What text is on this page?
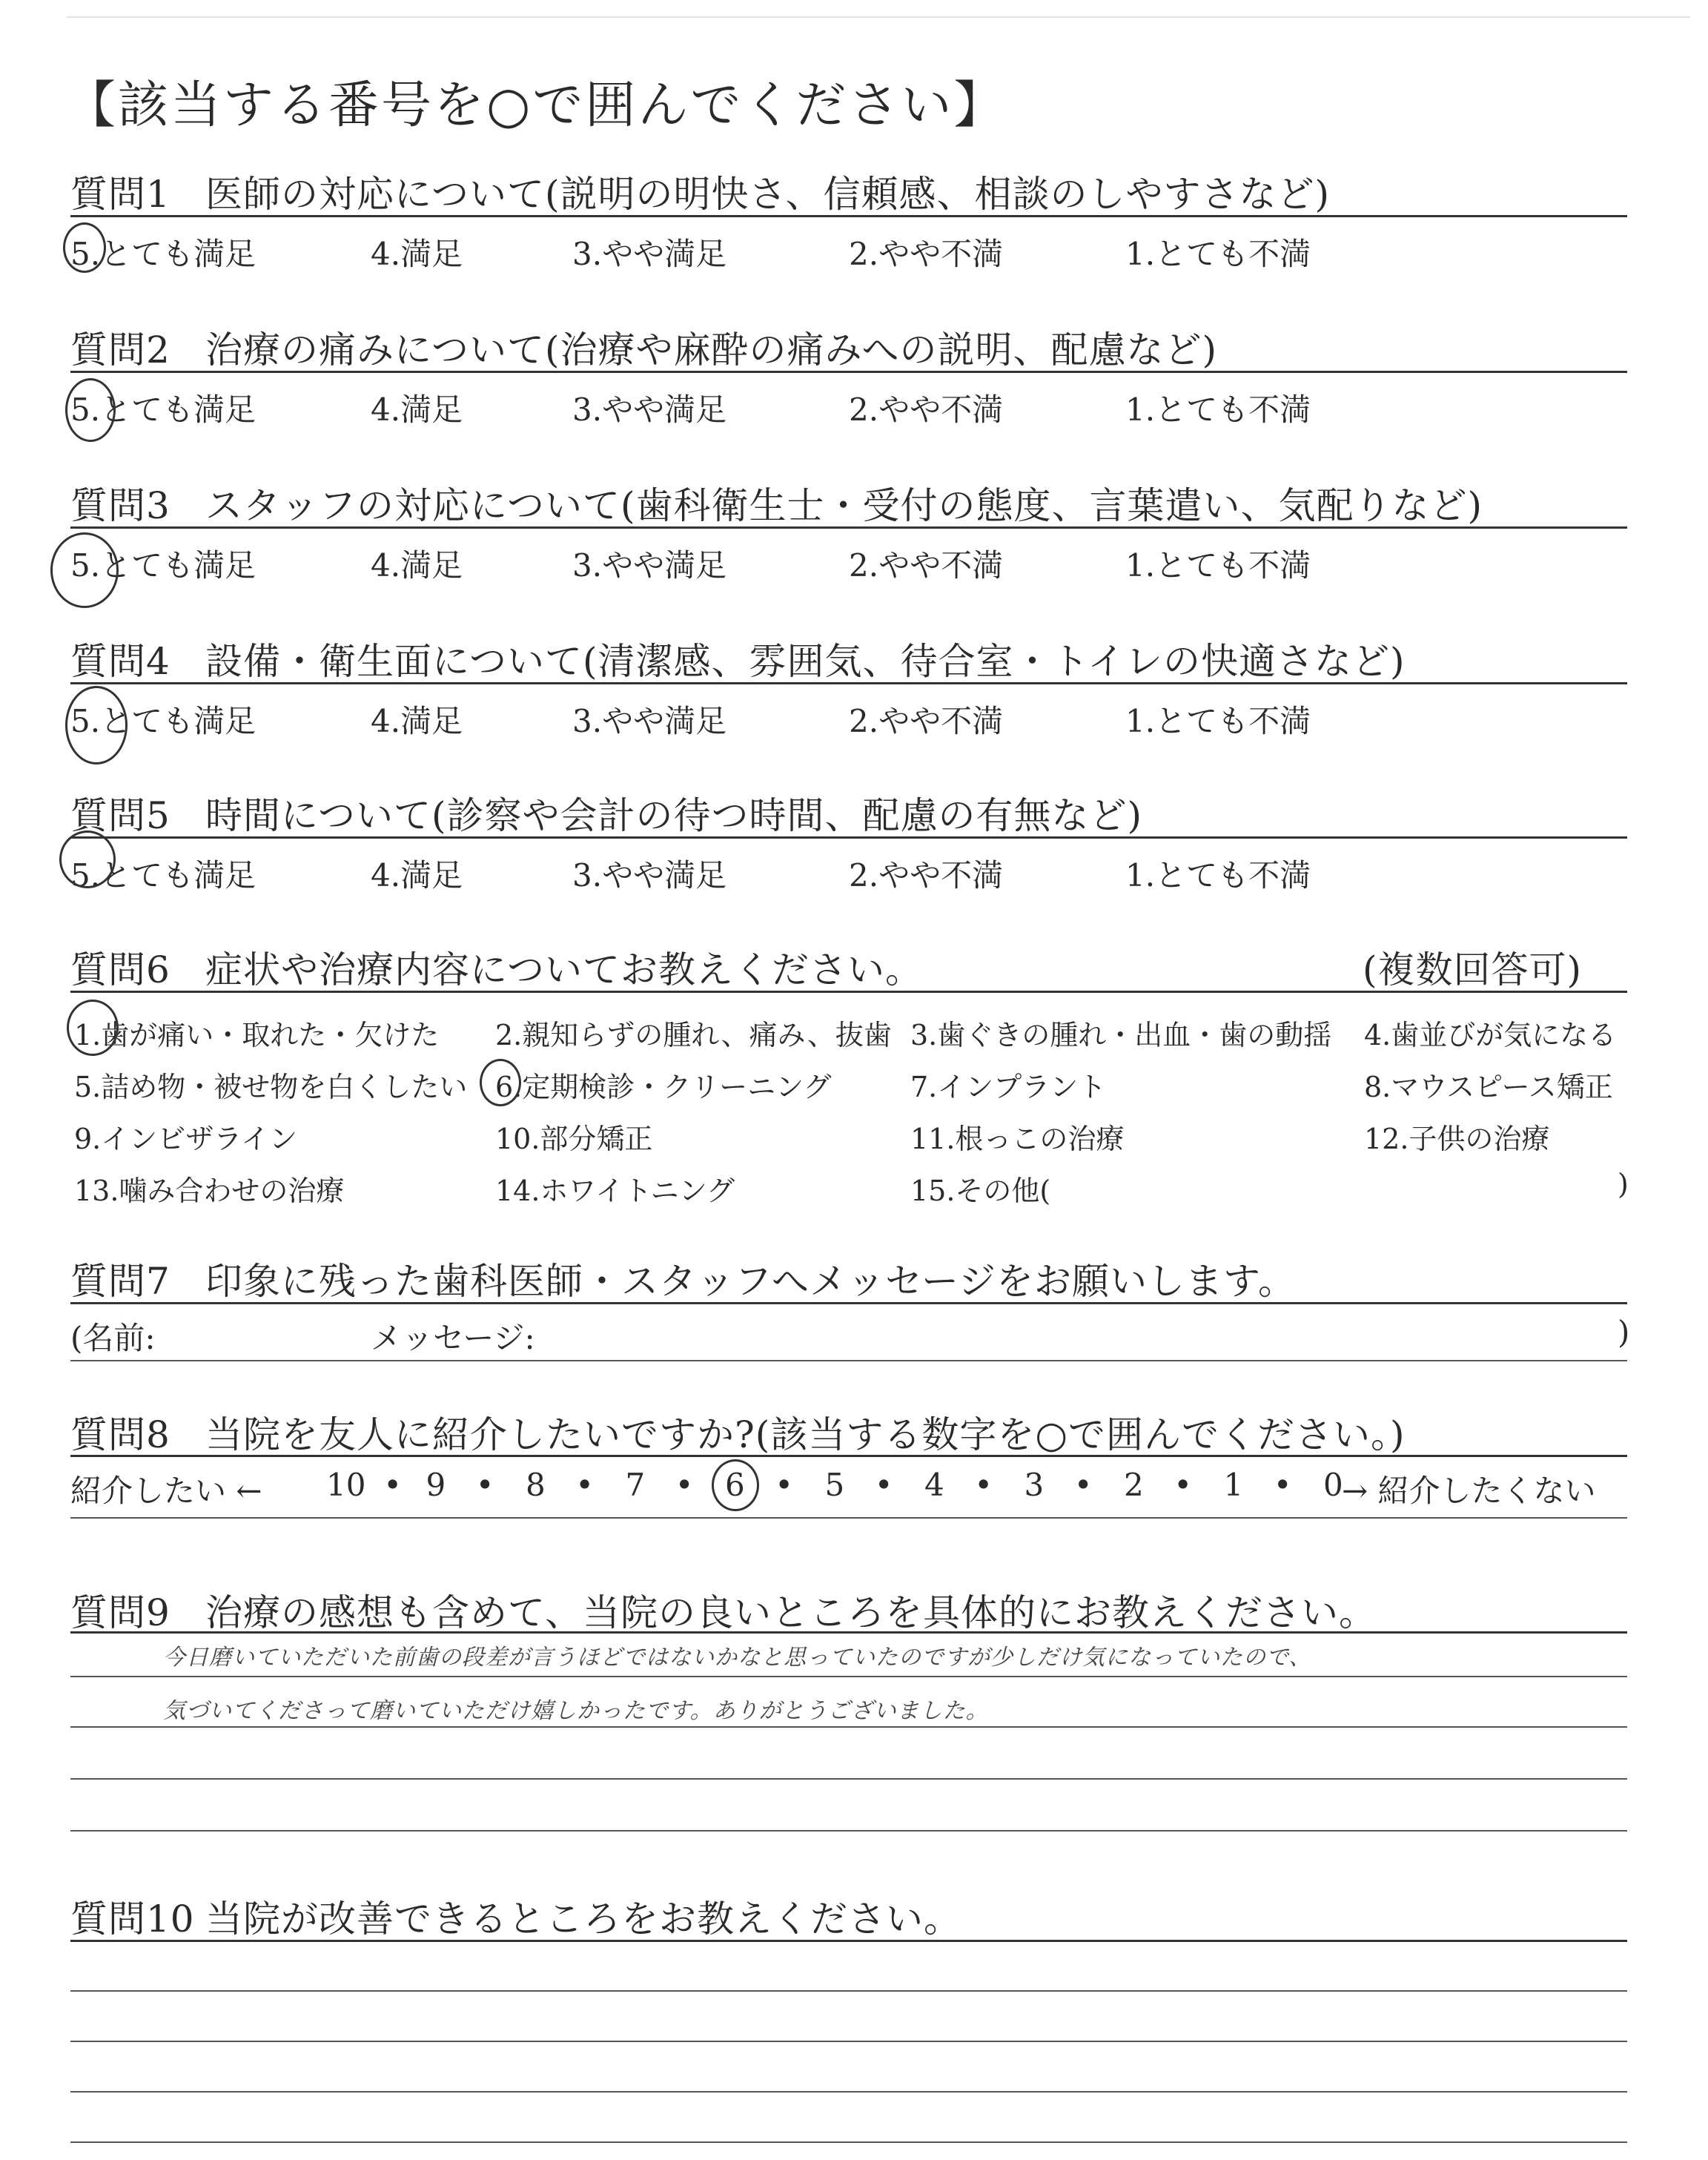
【該当する番号を○で囲んでください】
質問1 医師の対応について(説明の明快さ、信頼感、相談のしやすさなど)
5.とても満足	4.満足	3.やや満足	2.やや不満	1.とても不満
質問2 治療の痛みについて(治療や麻酔の痛みへの説明、配慮など)
5.とても満足	4.満足	3.やや満足	2.やや不満	1.とても不満
質問3 スタッフの対応について(歯科衛生士・受付の態度、言葉遣い、気配りなど)
5.とても満足	4.満足	3.やや満足	2.やや不満	1.とても不満
質問4 設備・衛生面について(清潔感、雰囲気、待合室・トイレの快適さなど)
5.とても満足	4.満足	3.やや満足	2.やや不満	1.とても不満
質問5 時間について(診察や会計の待つ時間、配慮の有無など)
5.とても満足	4.満足	3.やや満足	2.やや不満	1.とても不満
質問6 症状や治療内容についてお教えください。	(複数回答可)
1.歯が痛い・取れた・欠けた 2.親知らずの腫れ、痛み、抜歯 3.歯ぐきの腫れ・出血・歯の動揺 4.歯並びが気になる
5.詰め物・被せ物を白くしたい 6.定期検診・クリーニング	7.インプラント	8.マウスピース矯正
9.インビザライン	10.部分矯正	11.根っこの治療	12.子供の治療
13.噛み合わせの治療	14.ホワイトニング	15.その他(	)
質問7 印象に残った歯科医師・スタッフへメッセージをお願いします。
(名前:	メッセージ:	)
質問8 当院を友人に紹介したいですか?(該当する数字を○で囲んでください。)
紹介したい ←	→ 紹介したくない
質問9 治療の感想も含めて、当院の良いところを具体的にお教えください。
今日磨いていただいた前歯の段差が言うほどではないかなと思っていたのですが少しだけ気になっていたので、
気づいてくださって磨いていただけ嬉しかったです。ありがとうございました。
質問10 当院が改善できるところをお教えください。
10 • 9 • 8 • 7 • 6 • 5 • 4 • 3 • 2 • 1 • 0
